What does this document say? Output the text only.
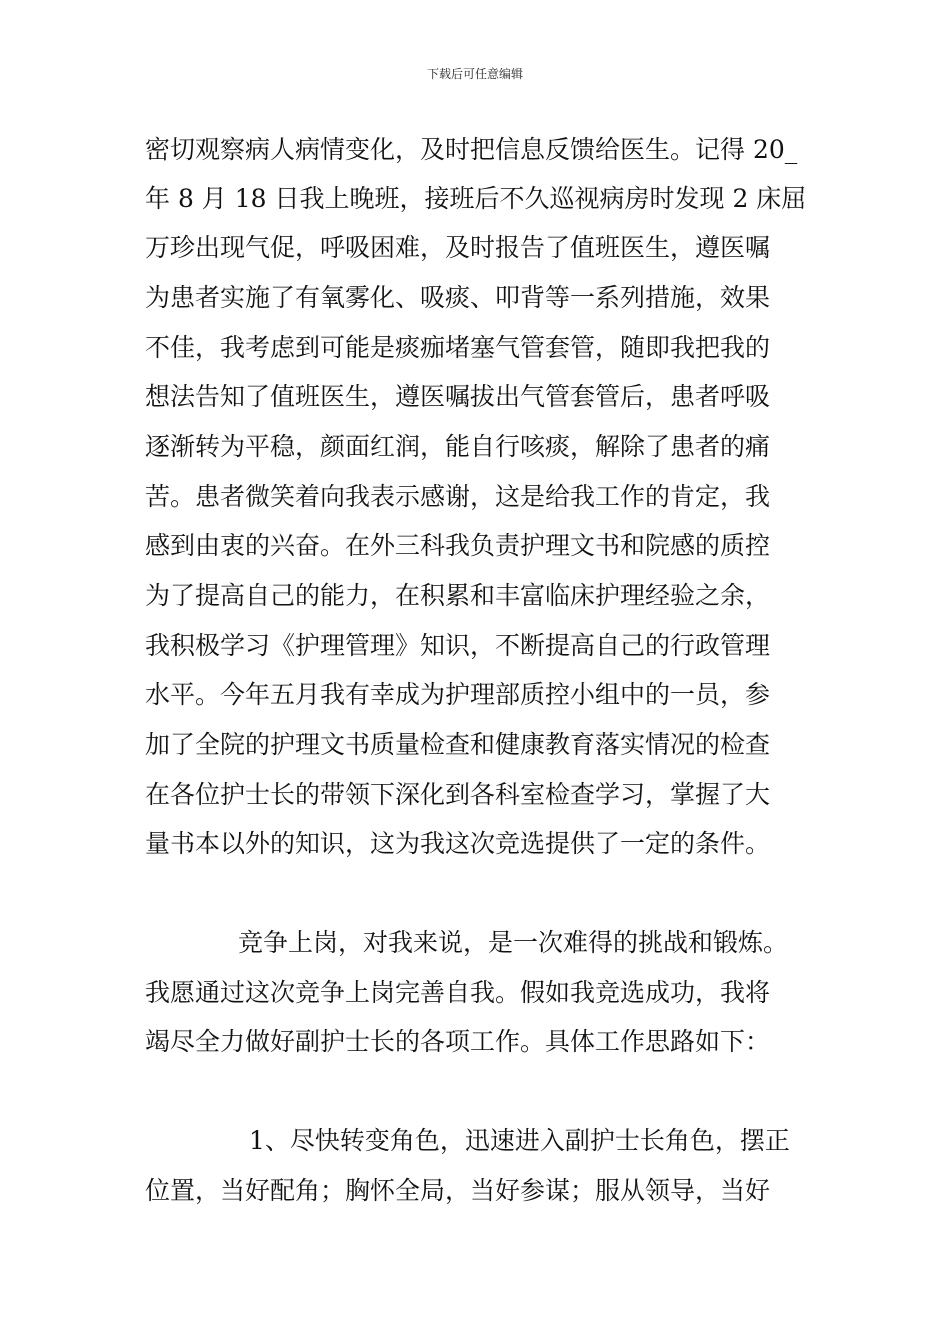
下载后可任意编辑
密切观察病人病情变化，及时把信息反馈给医生。记得 20_
年 8 月 18 日我上晚班，接班后不久巡视病房时发现 2 床屈
万珍出现气促，呼吸困难，及时报告了值班医生，遵医嘱
为患者实施了有氧雾化、吸痰、叩背等一系列措施，效果
不佳，我考虑到可能是痰痂堵塞气管套管，随即我把我的
想法告知了值班医生，遵医嘱拔出气管套管后，患者呼吸
逐渐转为平稳，颜面红润，能自行咳痰，解除了患者的痛
苦。患者微笑着向我表示感谢，这是给我工作的肯定，我
感到由衷的兴奋。在外三科我负责护理文书和院感的质控
为了提高自己的能力，在积累和丰富临床护理经验之余，
我积极学习《护理管理》知识，不断提高自己的行政管理
水平。今年五月我有幸成为护理部质控小组中的一员，参
加了全院的护理文书质量检查和健康教育落实情况的检查
在各位护士长的带领下深化到各科室检查学习，掌握了大
量书本以外的知识，这为我这次竞选提供了一定的条件。
竞争上岗，对我来说，是一次难得的挑战和锻炼。
我愿通过这次竞争上岗完善自我。假如我竞选成功，我将
竭尽全力做好副护士长的各项工作。具体工作思路如下：
1、尽快转变角色，迅速进入副护士长角色，摆正
位置，当好配角；胸怀全局，当好参谋；服从领导，当好
